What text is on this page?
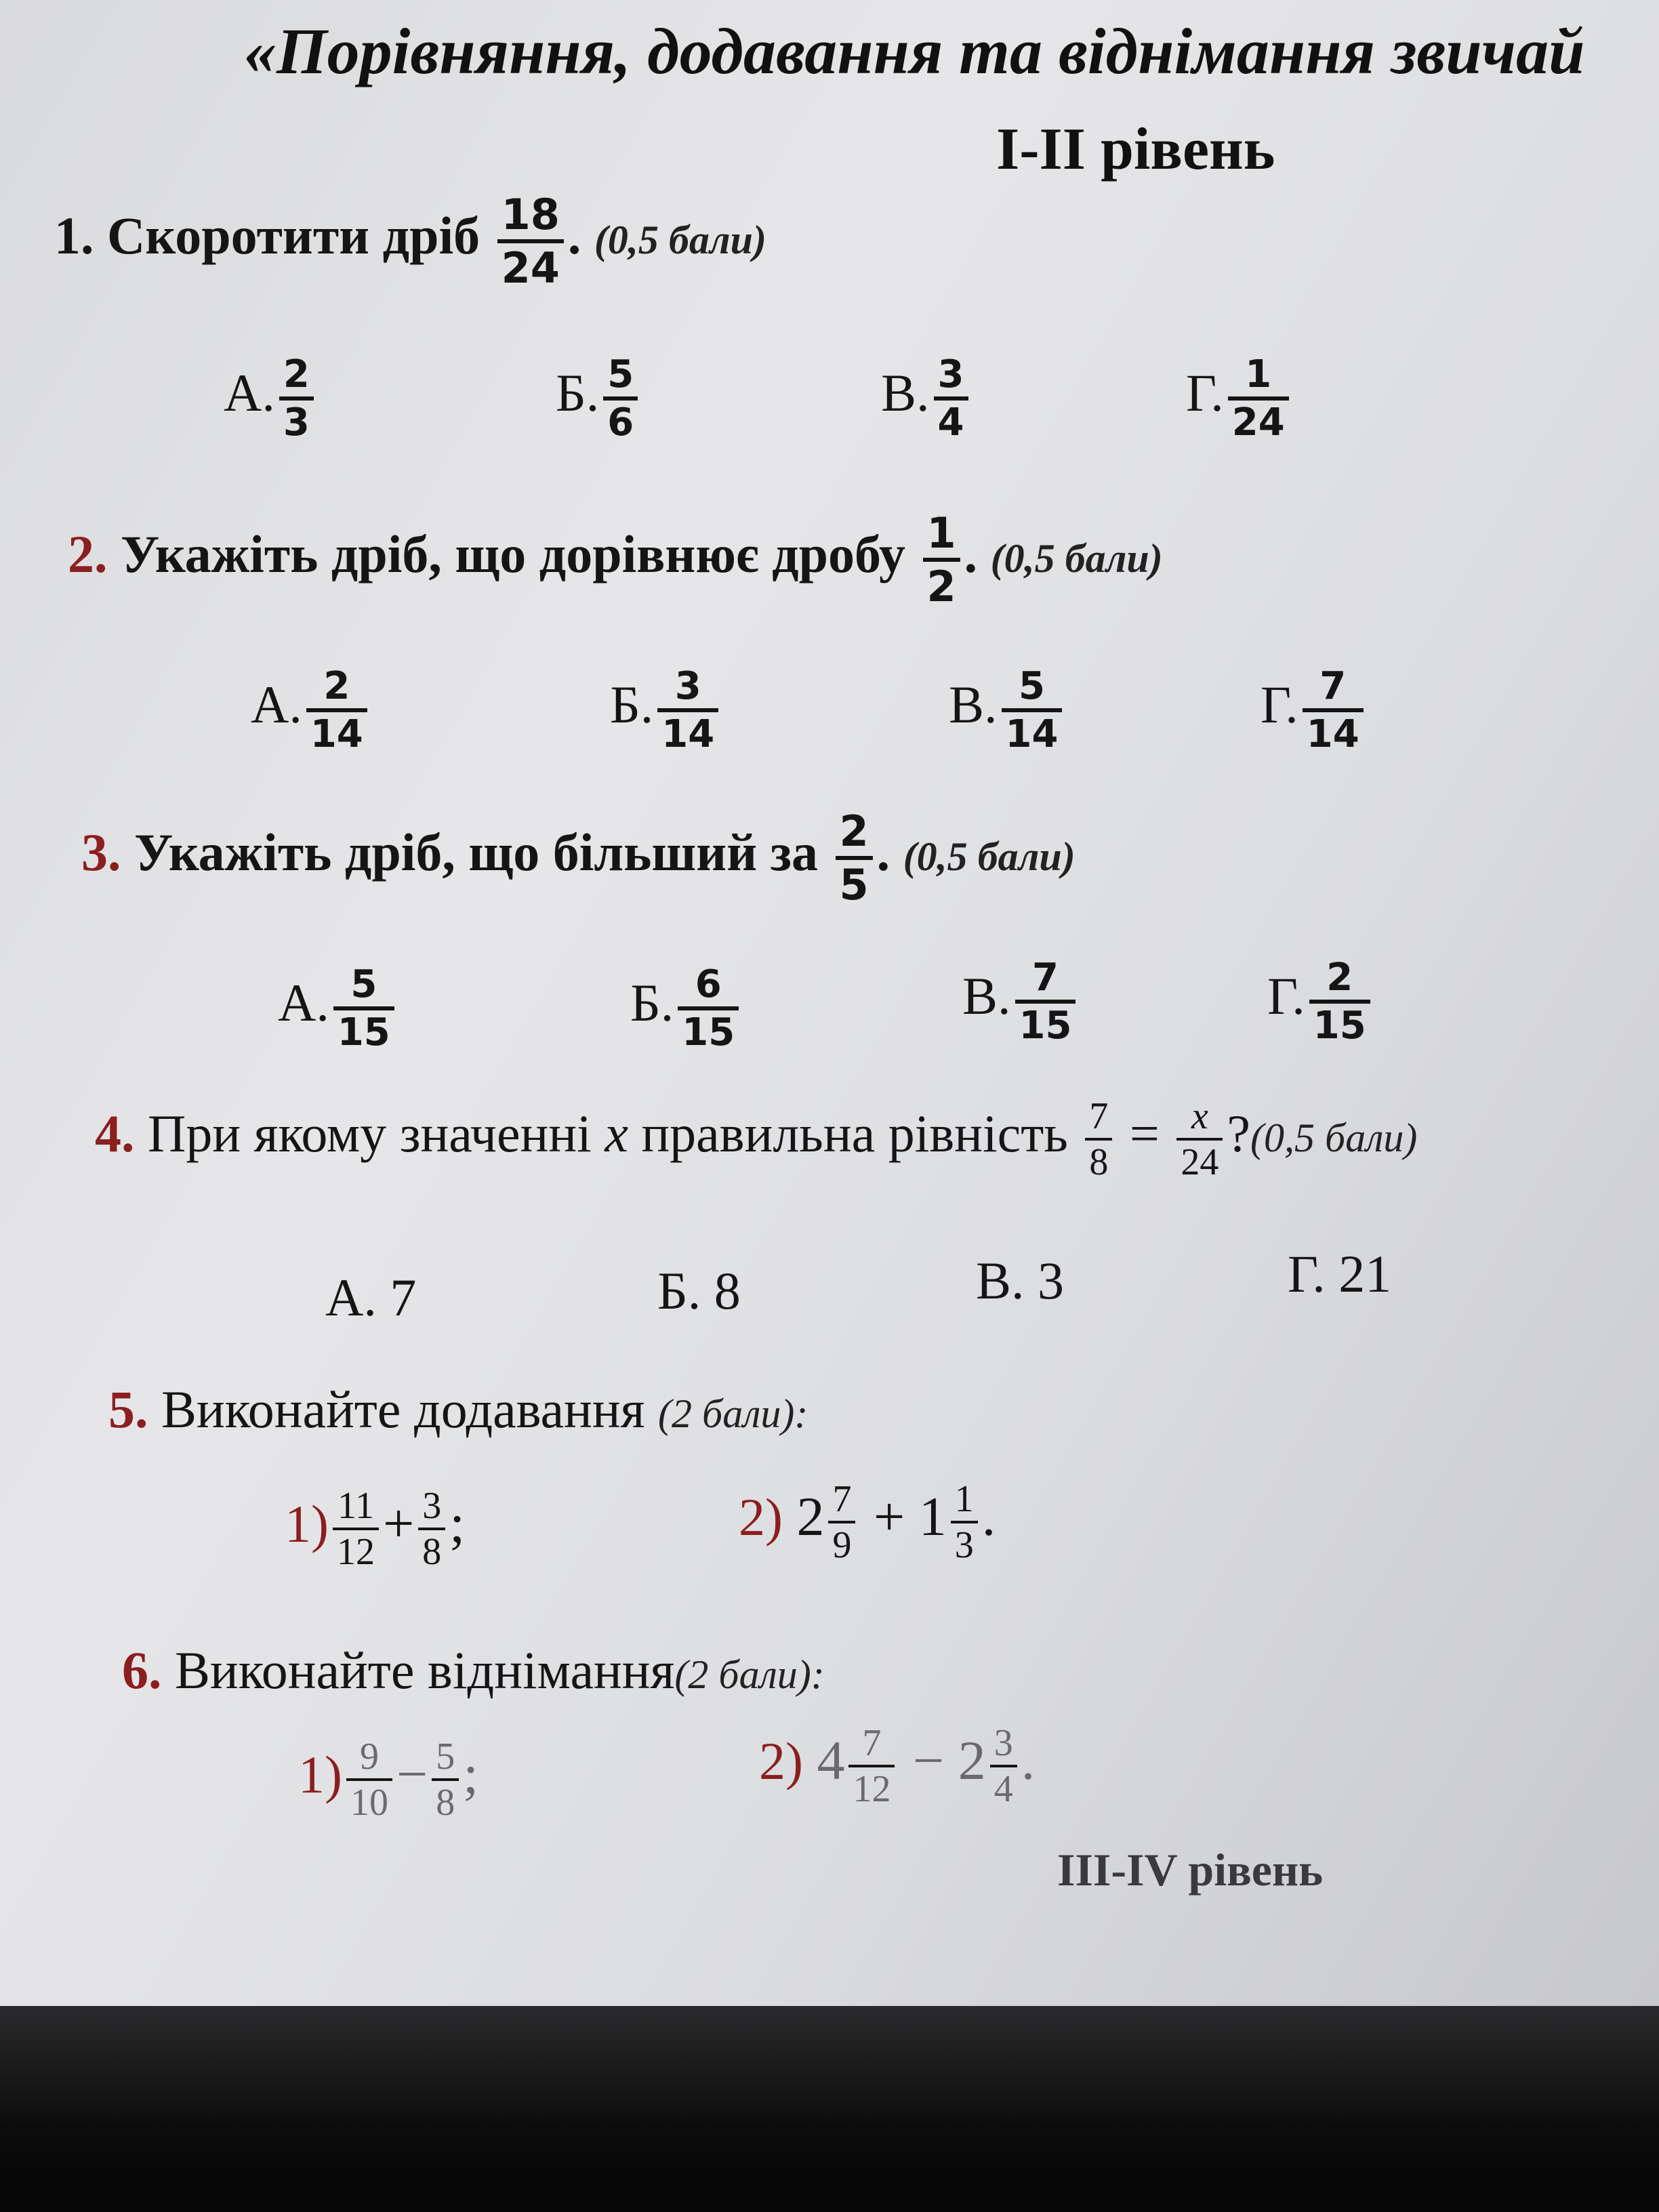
«Порівняння, додавання та віднімання звичай
І-ІІ рівень
1. Скоротити дріб $\frac{18}{24}$ . (0,5 бали)
А. $\frac{2}{3}$	Б. $\frac{5}{6}$	В. $\frac{3}{4}$	Г. $\frac{1}{24}$
2. Укажіть дріб, що дорівнює дробу $\frac{1}{2}$ . (0,5 бали)
А. $\frac{2}{14}$	Б. $\frac{3}{14}$	В. $\frac{5}{14}$	Г. $\frac{7}{14}$
3. Укажіть дріб, що більший за $\frac{2}{5}$ . (0,5 бали)
А. $\frac{5}{15}$	Б. $\frac{6}{15}$	В. $\frac{7}{15}$	Г. $\frac{2}{15}$
4. При якому значенні x правильна рівність $\frac{7}{8} = \frac{x}{24}$ ?(0,5 бали)
А. 7	Б. 8	В. 3	Г. 21
5. Виконайте додавання (2 бали):
$1) \frac{11}{12} + \frac{3}{8}$ ;	2) $2 \frac{7}{9} + 1 \frac{1}{3}$ .
6. Виконайте віднімання(2 бали):
$1) \frac{9}{10} - \frac{5}{8}$ ;	2) $4 \frac{7}{12} - 2 \frac{3}{4}$ .
ІІІ-ІV рівень
